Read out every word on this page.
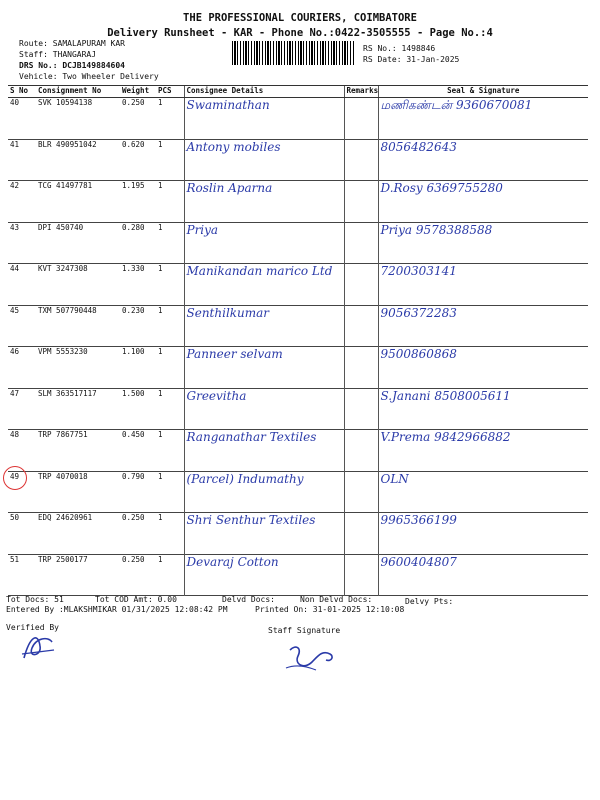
THE PROFESSIONAL COURIERS, COIMBATORE
Delivery Runsheet - KAR - Phone No.:0422-3505555 - Page No.:4
Route: SAMALAPURAM KAR
Staff: THANGARAJ
DRS No.: DCJB149884604
Vehicle: Two Wheeler Delivery
RS No.: 1498846
RS Date: 31-Jan-2025
S No	Consignment No	Weight	PCS	Consignee Details	Remarks	Seal & Signature
40	SVK 10594138	0.250	1	Swaminathan		மணிகண்டன் 9360670081
41	BLR 490951042	0.620	1	Antony mobiles		8056482643
42	TCG 41497781	1.195	1	Roslin Aparna		D.Rosy 6369755280
43	DPI 450740	0.280	1	Priya		Priya 9578388588
44	KVT 3247308	1.330	1	Manikandan marico Ltd		7200303141
45	TXM 507790448	0.230	1	Senthilkumar		9056372283
46	VPM 5553230	1.100	1	Panneer selvam		9500860868
47	SLM 363517117	1.500	1	Greevitha		S.Janani 8508005611
48	TRP 7867751	0.450	1	Ranganathar Textiles		V.Prema 9842966882
49	TRP 4070018	0.790	1	(Parcel) Indumathy		OLN
50	EDQ 24620961	0.250	1	Shri Senthur Textiles		9965366199
51	TRP 2500177	0.250	1	Devaraj Cotton		9600404807
Tot Docs: 51	Tot COD Amt: 0.00	Delvd Docs:	Non Delvd Docs:	Delvy Pts:
Entered By :MLAKSHMIKAR 01/31/2025 12:08:42 PM	Printed On: 31-01-2025 12:10:08
Verified By	Staff Signature
